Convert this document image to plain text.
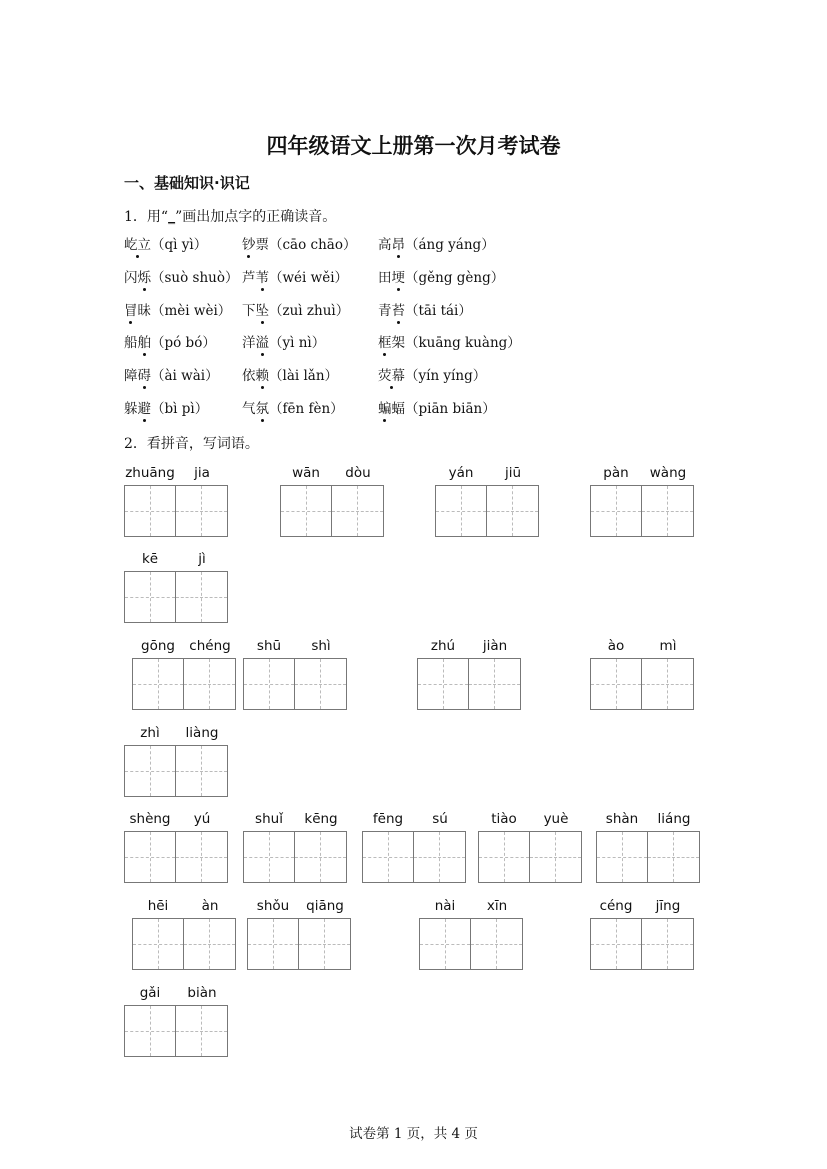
四年级语文上册第一次月考试卷
一、基础知识·识记
1．用“_”画出加点字的正确读音。
屹立（qì yì）	钞票（cāo chāo） 高昂（áng yáng）
闪烁（suò shuò） 芦苇（wéi wěi） 田埂（gěng gèng）
冒昧（mèi wèi） 下坠（zuì zhuì） 青苔（tāi tái）
船舶（pó bó） 洋溢（yì nì）	框架（kuāng kuàng）
障碍（ài wài） 依赖（lài lǎn）	荧幕（yín yíng）
躲避（bì pì）	气氛（fēn fèn）	蝙蝠（piān biān）
2．看拼音，写词语。
zhuāng	jia	wān	dòu	yán	jiū	pàn	wàng
kē	jì
gōng	chéng	shū	shì	zhú	jiàn	ào	mì
zhì	liàng
shèng	yú	shuǐ	kēng	fēng	sú	tiào	yuè	shàn	liáng
hēi	àn	shǒu	qiāng	nài	xīn	céng	jīng
gǎi	biàn
试卷第 1 页，共 4 页
